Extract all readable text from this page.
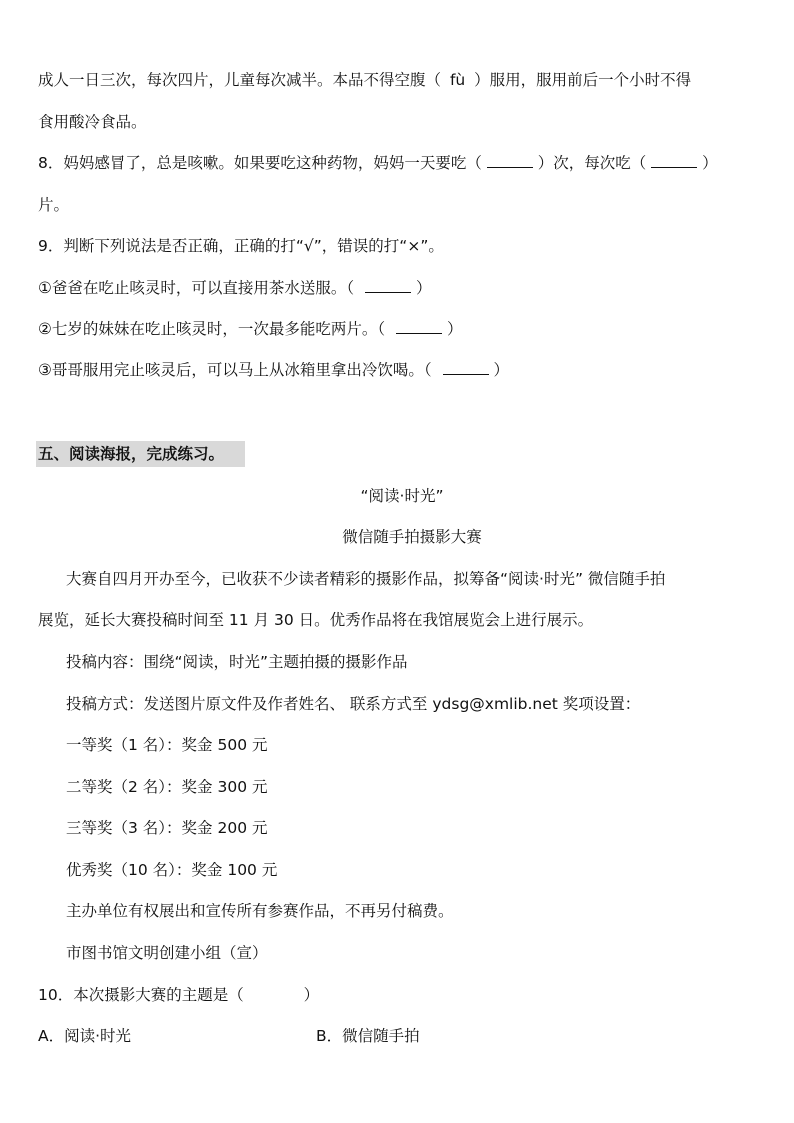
成人一日三次，每次四片，儿童每次减半。本品不得空腹（ fù ）服用，服用前后一个小时不得
食用酸冷食品。
8．妈妈感冒了，总是咳嗽。如果要吃这种药物，妈妈一天要吃（	）次，每次吃（	）
片。
9．判断下列说法是否正确，正确的打“√”，错误的打“×”。
①爸爸在吃止咳灵时，可以直接用茶水送服。（	）
②七岁的妹妹在吃止咳灵时，一次最多能吃两片。（	）
③哥哥服用完止咳灵后，可以马上从冰箱里拿出冷饮喝。（	）
五、阅读海报，完成练习。
“阅读·时光”
微信随手拍摄影大赛
大赛自四月开办至今，已收获不少读者精彩的摄影作品，拟筹备“阅读·时光” 微信随手拍
展览，延长大赛投稿时间至 11 月 30 日。优秀作品将在我馆展览会上进行展示。
投稿内容：围绕“阅读，时光”主题拍摄的摄影作品
投稿方式：发送图片原文件及作者姓名、 联系方式至 ydsg@xmlib.net 奖项设置：
一等奖（1 名）：奖金 500 元
二等奖（2 名）：奖金 300 元
三等奖（3 名）：奖金 200 元
优秀奖（10 名）：奖金 100 元
主办单位有权展出和宣传所有参赛作品，不再另付稿费。
市图书馆文明创建小组（宣）
10．本次摄影大赛的主题是（	）
A．阅读·时光	B．微信随手拍
